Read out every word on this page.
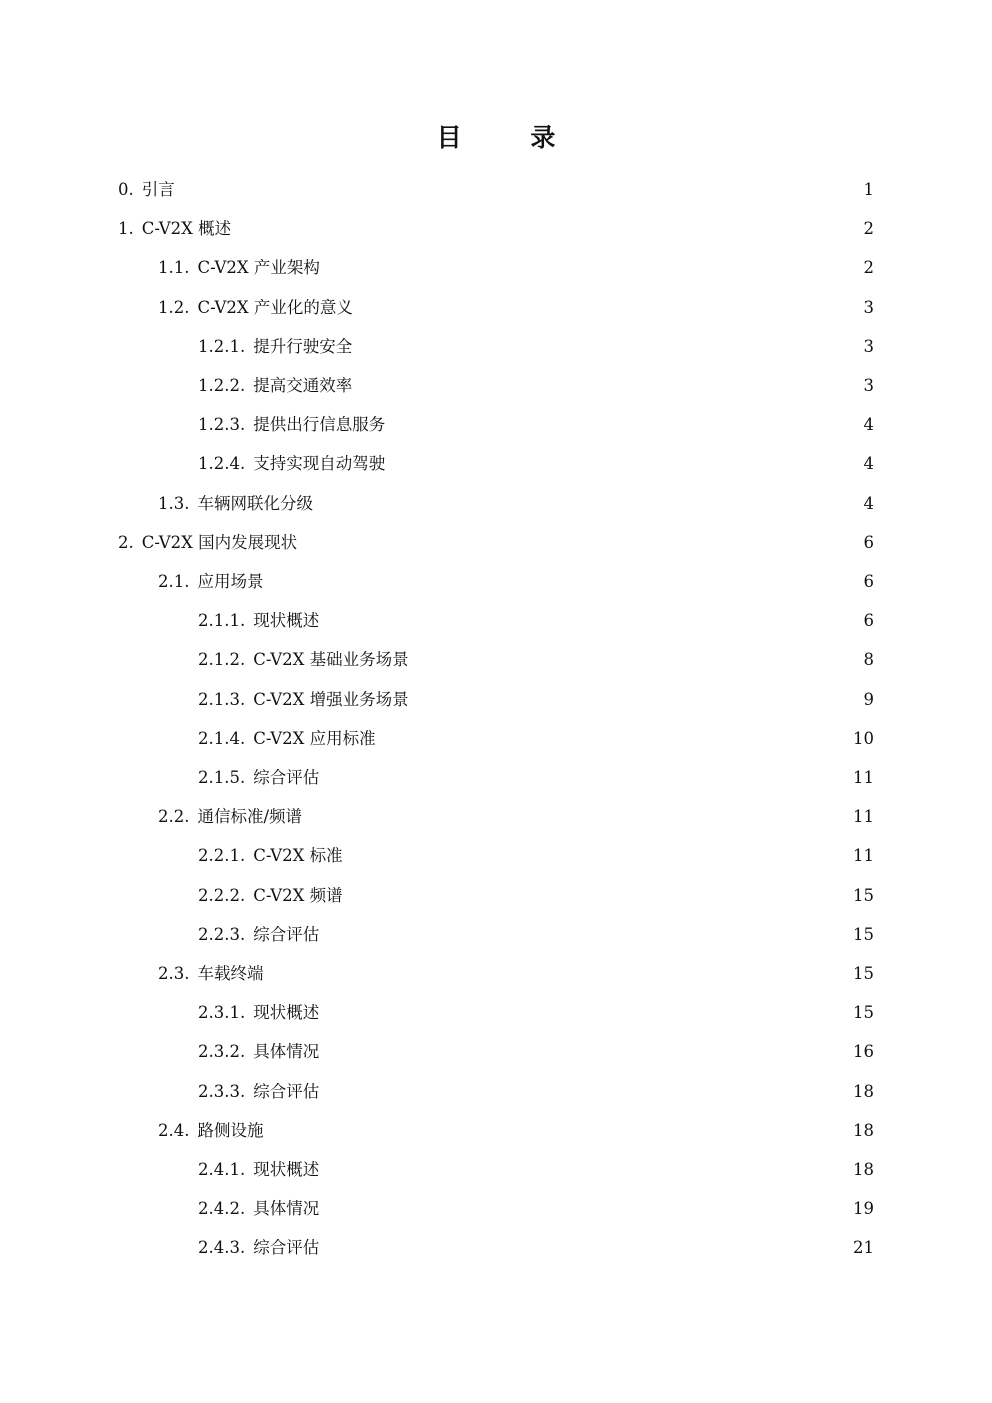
目 录
0. 引言	1
1. C-V2X 概述	2
1.1. C-V2X 产业架构	2
1.2. C-V2X 产业化的意义	3
1.2.1. 提升行驶安全	3
1.2.2. 提高交通效率	3
1.2.3. 提供出行信息服务	4
1.2.4. 支持实现自动驾驶	4
1.3. 车辆网联化分级	4
2. C-V2X 国内发展现状	6
2.1. 应用场景	6
2.1.1. 现状概述	6
2.1.2. C-V2X 基础业务场景	8
2.1.3. C-V2X 增强业务场景	9
2.1.4. C-V2X 应用标准	10
2.1.5. 综合评估	11
2.2. 通信标准/频谱	11
2.2.1. C-V2X 标准	11
2.2.2. C-V2X 频谱	15
2.2.3. 综合评估	15
2.3. 车载终端	15
2.3.1. 现状概述	15
2.3.2. 具体情况	16
2.3.3. 综合评估	18
2.4. 路侧设施	18
2.4.1. 现状概述	18
2.4.2. 具体情况	19
2.4.3. 综合评估	21
